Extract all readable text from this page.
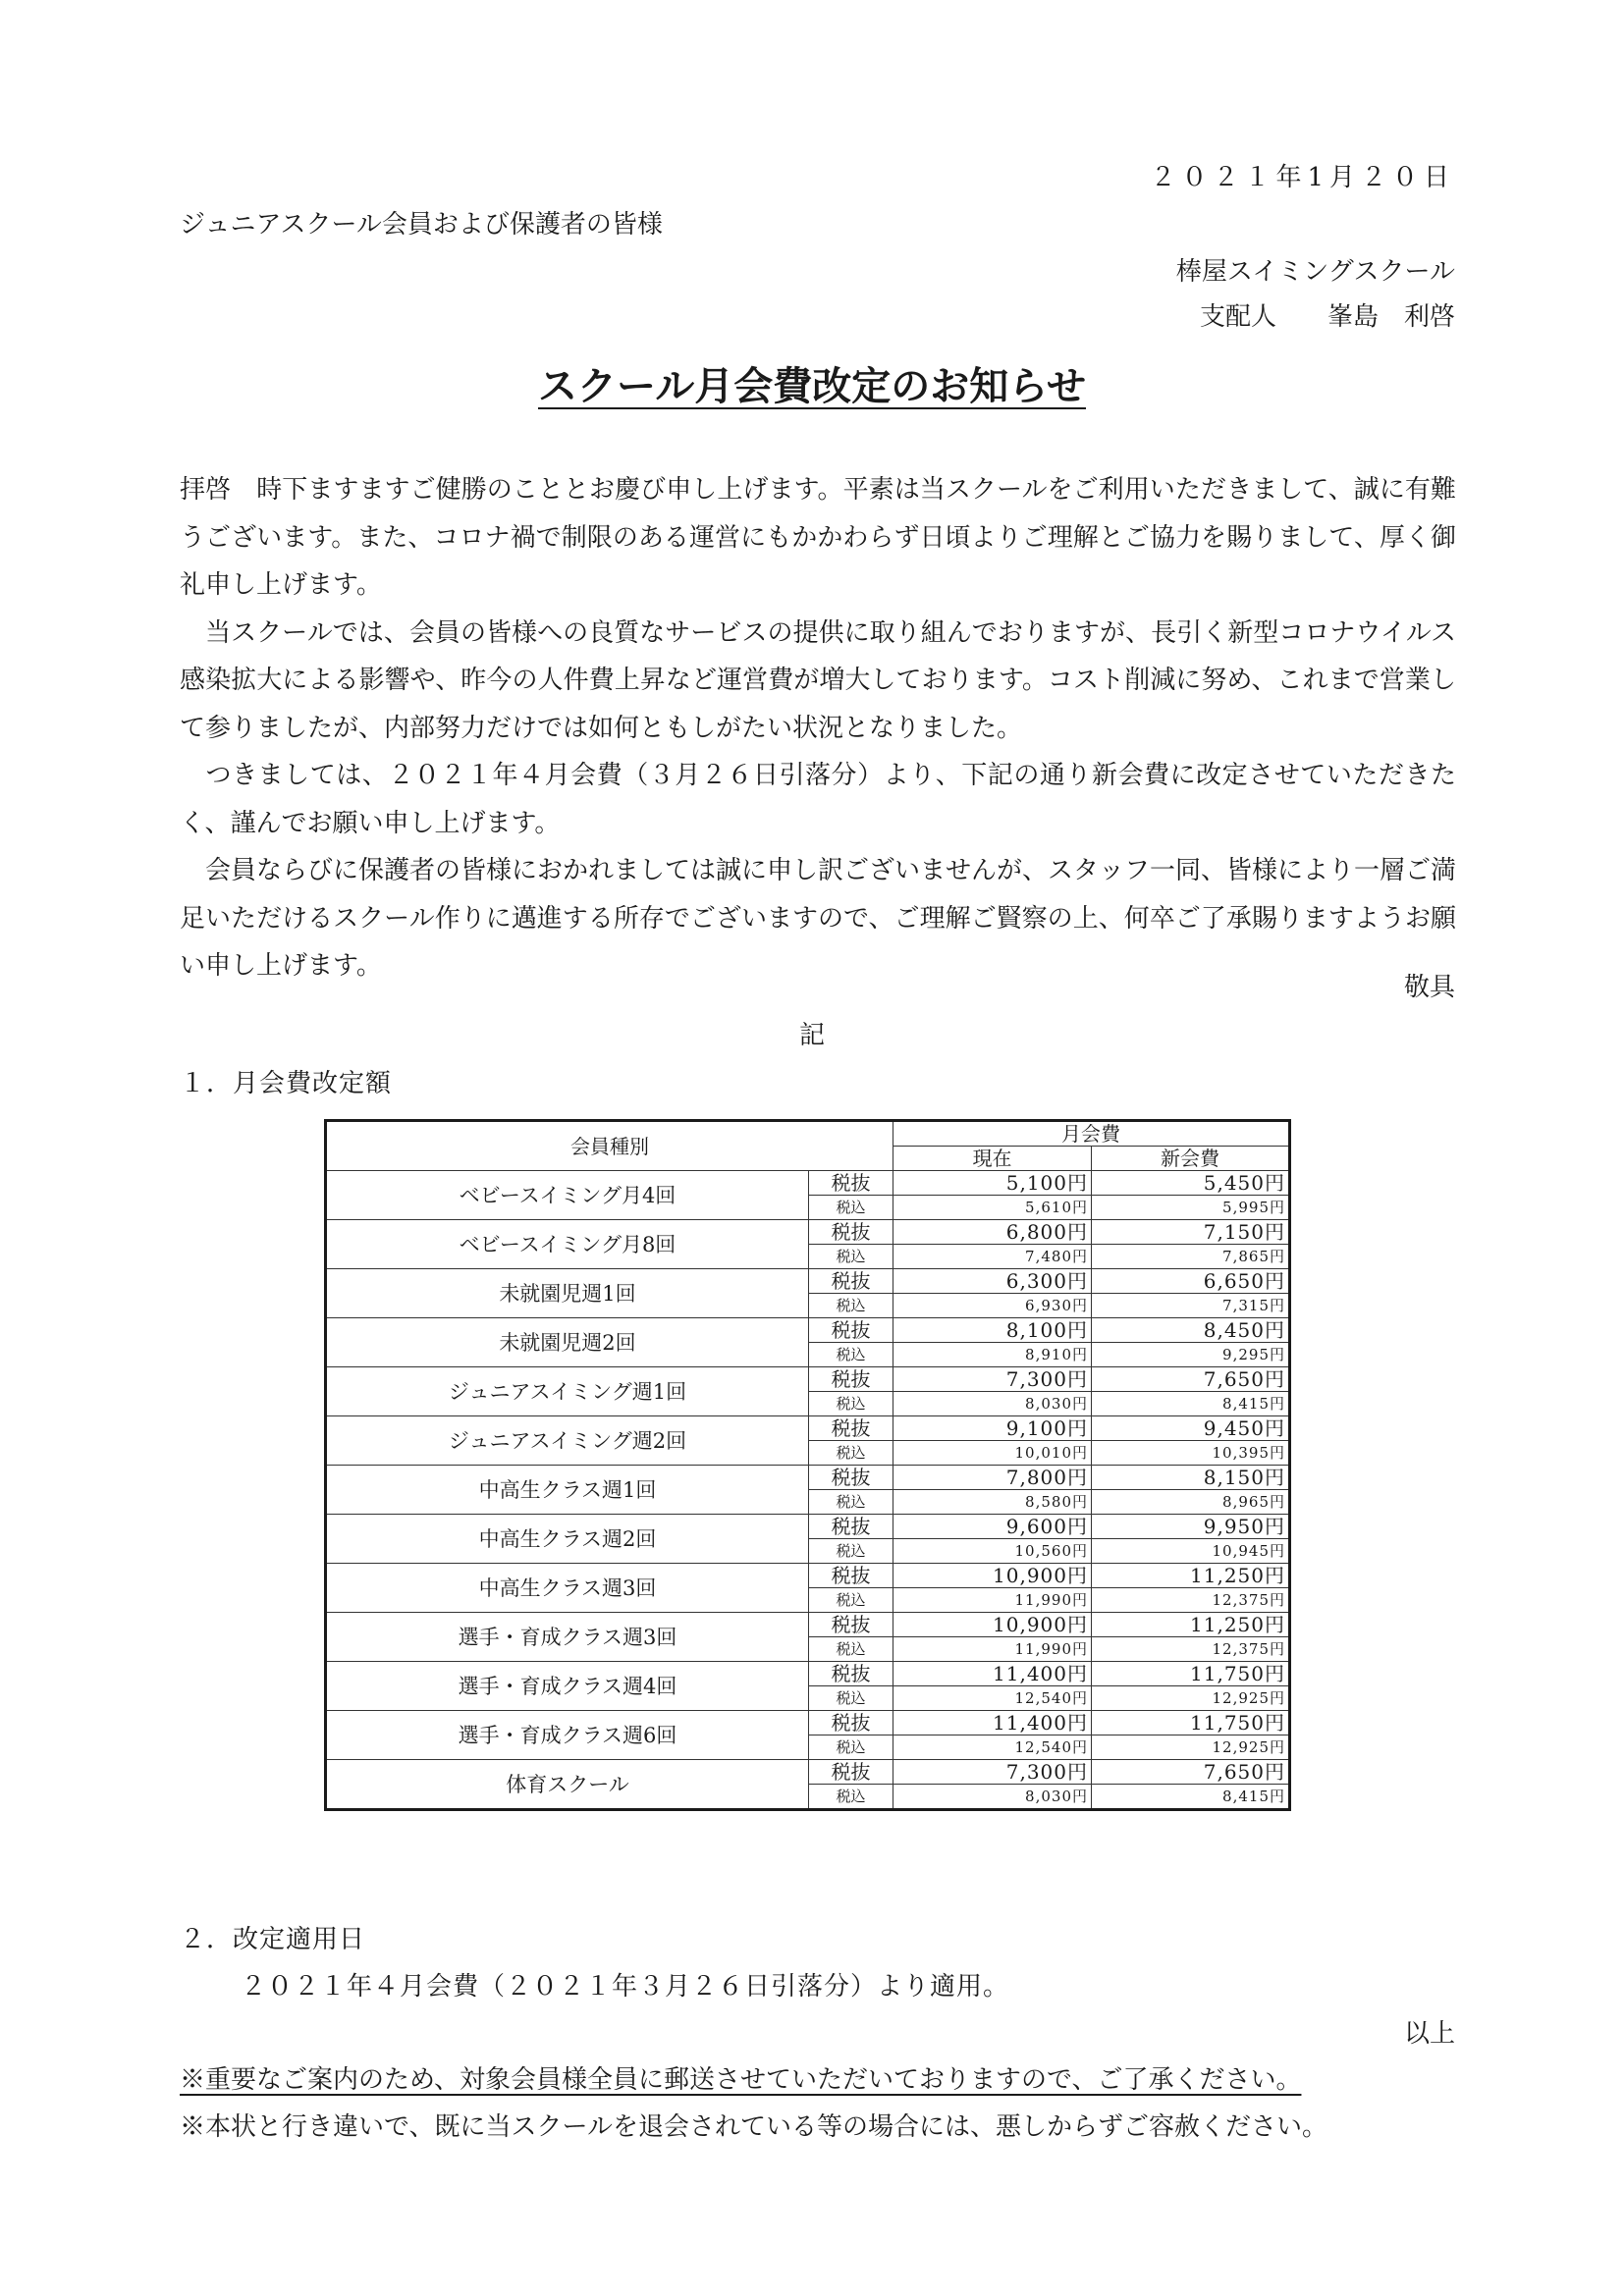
２０２１年1月２０日
ジュニアスクール会員および保護者の皆様
棒屋スイミングスクール
支配人　　峯島　利啓
スクール月会費改定のお知らせ

拝啓　時下ますますご健勝のこととお慶び申し上げます。平素は当スクールをご利用いただきまして、誠に有難うございます。また、コロナ禍で制限のある運営にもかかわらず日頃よりご理解とご協力を賜りまして、厚く御礼申し上げます。

　当スクールでは、会員の皆様への良質なサービスの提供に取り組んでおりますが、長引く新型コロナウイルス感染拡大による影響や、昨今の人件費上昇など運営費が増大しております。コスト削減に努め、これまで営業して参りましたが、内部努力だけでは如何ともしがたい状況となりました。

　つきましては、２０２１年４月会費（３月２６日引落分）より、下記の通り新会費に改定させていただきたく、謹んでお願い申し上げます。

　会員ならびに保護者の皆様におかれましては誠に申し訳ございませんが、スタッフ一同、皆様により一層ご満足いただけるスクール作りに邁進する所存でございますので、ご理解ご賢察の上、何卒ご了承賜りますようお願い申し上げます。

敬具
記
１．月会費改定額
会員種別		月会費	
		現在	新会費
ベビースイミング月4回	税抜	5,100円	5,450円
	税込	5,610円	5,995円
ベビースイミング月8回	税抜	6,800円	7,150円
	税込	7,480円	7,865円
未就園児週1回	税抜	6,300円	6,650円
	税込	6,930円	7,315円
未就園児週2回	税抜	8,100円	8,450円
	税込	8,910円	9,295円
ジュニアスイミング週1回	税抜	7,300円	7,650円
	税込	8,030円	8,415円
ジュニアスイミング週2回	税抜	9,100円	9,450円
	税込	10,010円	10,395円
中高生クラス週1回	税抜	7,800円	8,150円
	税込	8,580円	8,965円
中高生クラス週2回	税抜	9,600円	9,950円
	税込	10,560円	10,945円
中高生クラス週3回	税抜	10,900円	11,250円
	税込	11,990円	12,375円
選手・育成クラス週3回	税抜	10,900円	11,250円
	税込	11,990円	12,375円
選手・育成クラス週4回	税抜	11,400円	11,750円
	税込	12,540円	12,925円
選手・育成クラス週6回	税抜	11,400円	11,750円
	税込	12,540円	12,925円
体育スクール	税抜	7,300円	7,650円
	税込	8,030円	8,415円
２．改定適用日
２０２１年４月会費（２０２１年３月２６日引落分）より適用。
以上
※重要なご案内のため、対象会員様全員に郵送させていただいておりますので、ご了承ください。
※本状と行き違いで、既に当スクールを退会されている等の場合には、悪しからずご容赦ください。
